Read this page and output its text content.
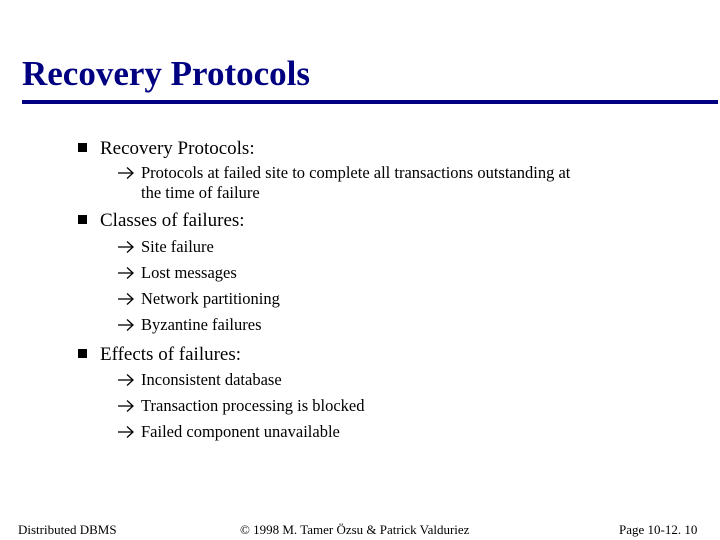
Recovery Protocols
Recovery Protocols:
Protocols at failed site to complete all transactions outstanding at
the time of failure
Classes of failures:
Site failure
Lost messages
Network partitioning
Byzantine failures
Effects of failures:
Inconsistent database
Transaction processing is blocked
Failed component unavailable
Distributed DBMS	© 1998 M. Tamer Özsu & Patrick Valduriez	Page 10-12. 10
